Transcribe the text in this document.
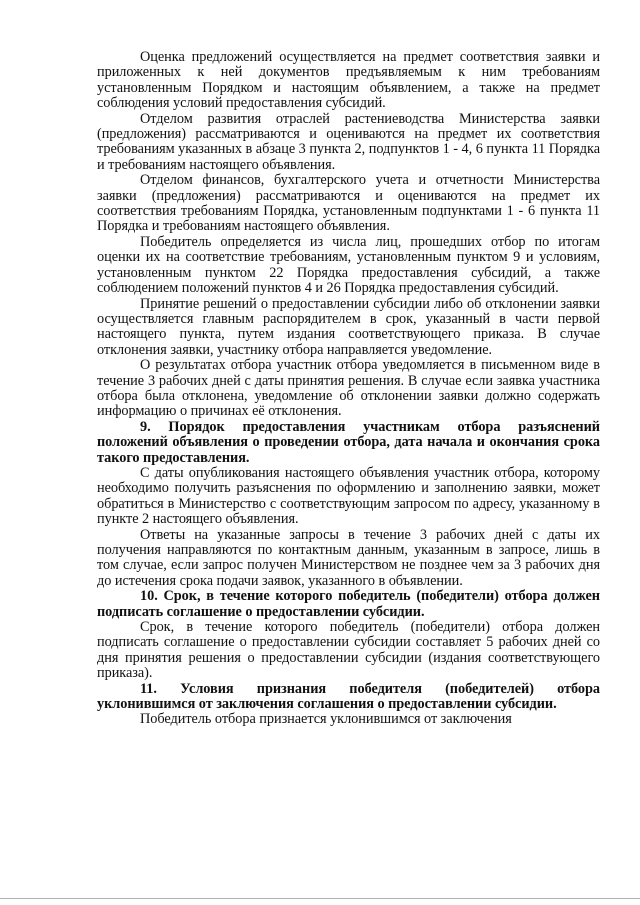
Оценка предложений осуществляется на предмет соответствия заявки и приложенных к ней документов предъявляемым к ним требованиям установленным Порядком и настоящим объявлением, а также на предмет соблюдения условий предоставления субсидий.

Отделом развития отраслей растениеводства Министерства заявки (предложения) рассматриваются и оцениваются на предмет их соответствия требованиям указанных в абзаце 3 пункта 2, подпунктов 1 - 4, 6 пункта 11 Порядка и требованиям настоящего объявления.

Отделом финансов, бухгалтерского учета и отчетности Министерства заявки (предложения) рассматриваются и оцениваются на предмет их соответствия требованиям Порядка, установленным подпунктами 1 - 6 пункта 11 Порядка и требованиям настоящего объявления.

Победитель определяется из числа лиц, прошедших отбор по итогам оценки их на соответствие требованиям, установленным пунктом 9 и условиям, установленным пунктом 22 Порядка предоставления субсидий, а также соблюдением положений пунктов 4 и 26 Порядка предоставления субсидий.

Принятие решений о предоставлении субсидии либо об отклонении заявки осуществляется главным распорядителем в срок, указанный в части первой настоящего пункта, путем издания соответствующего приказа. В случае отклонения заявки, участнику отбора направляется уведомление.

О результатах отбора участник отбора уведомляется в письменном виде в течение 3 рабочих дней с даты принятия решения. В случае если заявка участника отбора была отклонена, уведомление об отклонении заявки должно содержать информацию о причинах её отклонения.

9. Порядок предоставления участникам отбора разъяснений положений объявления о проведении отбора, дата начала и окончания срока такого предоставления.

С даты опубликования настоящего объявления участник отбора, которому необходимо получить разъяснения по оформлению и заполнению заявки, может обратиться в Министерство с соответствующим запросом по адресу, указанному в пункте 2 настоящего объявления.

Ответы на указанные запросы в течение 3 рабочих дней с даты их получения направляются по контактным данным, указанным в запросе, лишь в том случае, если запрос получен Министерством не позднее чем за 3 рабочих дня до истечения срока подачи заявок, указанного в объявлении.

10. Срок, в течение которого победитель (победители) отбора должен подписать соглашение о предоставлении субсидии.

Срок, в течение которого победитель (победители) отбора должен подписать соглашение о предоставлении субсидии составляет 5 рабочих дней со дня принятия решения о предоставлении субсидии (издания соответствующего приказа).

11. Условия признания победителя (победителей) отбора уклонившимся от заключения соглашения о предоставлении субсидии.

Победитель отбора признается уклонившимся от заключения
